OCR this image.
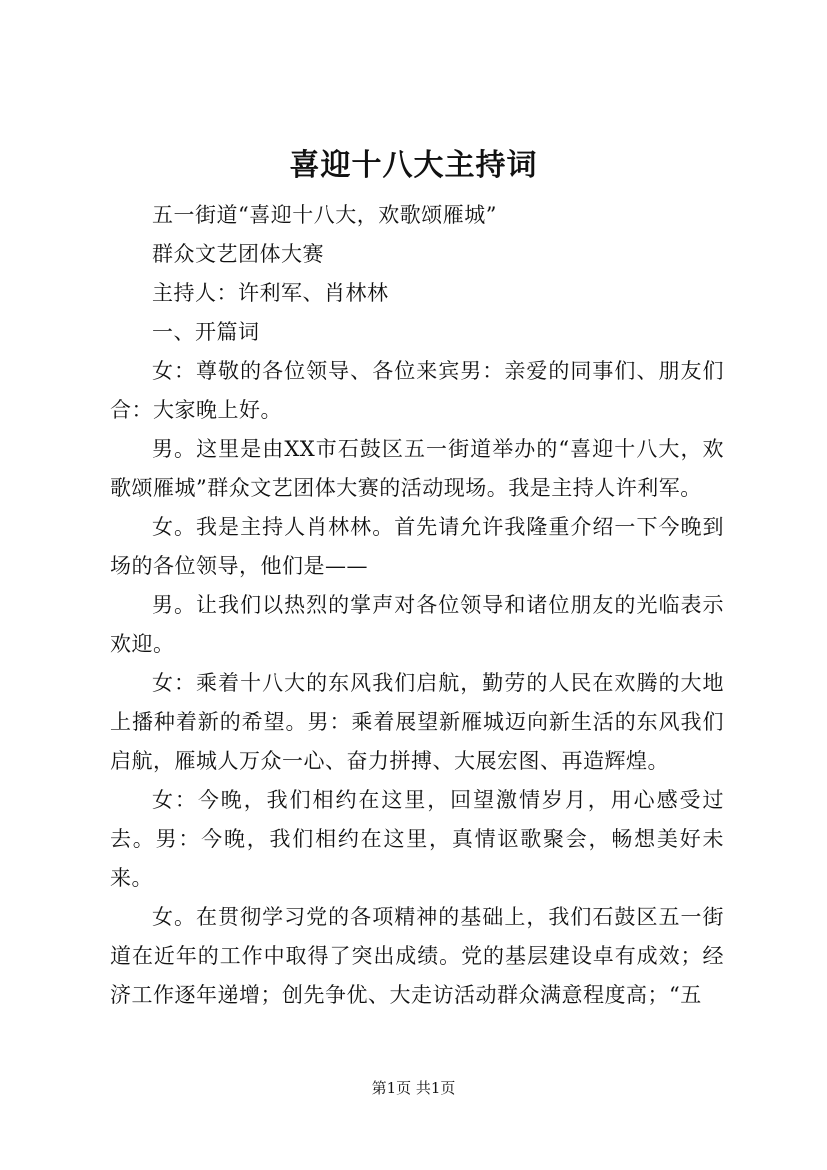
喜迎十八大主持词

五一街道“喜迎十八大，欢歌颂雁城”

群众文艺团体大赛

主持人：许利军、肖林林

一、开篇词

女：尊敬的各位领导、各位来宾男：亲爱的同事们、朋友们合：大家晚上好。

男。这里是由XX市石鼓区五一街道举办的“喜迎十八大，欢歌颂雁城”群众文艺团体大赛的活动现场。我是主持人许利军。

女。我是主持人肖林林。首先请允许我隆重介绍一下今晚到场的各位领导，他们是——

男。让我们以热烈的掌声对各位领导和诸位朋友的光临表示欢迎。

女：乘着十八大的东风我们启航，勤劳的人民在欢腾的大地上播种着新的希望。男：乘着展望新雁城迈向新生活的东风我们启航，雁城人万众一心、奋力拼搏、大展宏图、再造辉煌。

女：今晚，我们相约在这里，回望激情岁月，用心感受过去。男：今晚，我们相约在这里，真情讴歌聚会，畅想美好未来。

女。在贯彻学习党的各项精神的基础上，我们石鼓区五一街道在近年的工作中取得了突出成绩。党的基层建设卓有成效；经济工作逐年递增；创先争优、大走访活动群众满意程度高；“五

第1页 共1页
